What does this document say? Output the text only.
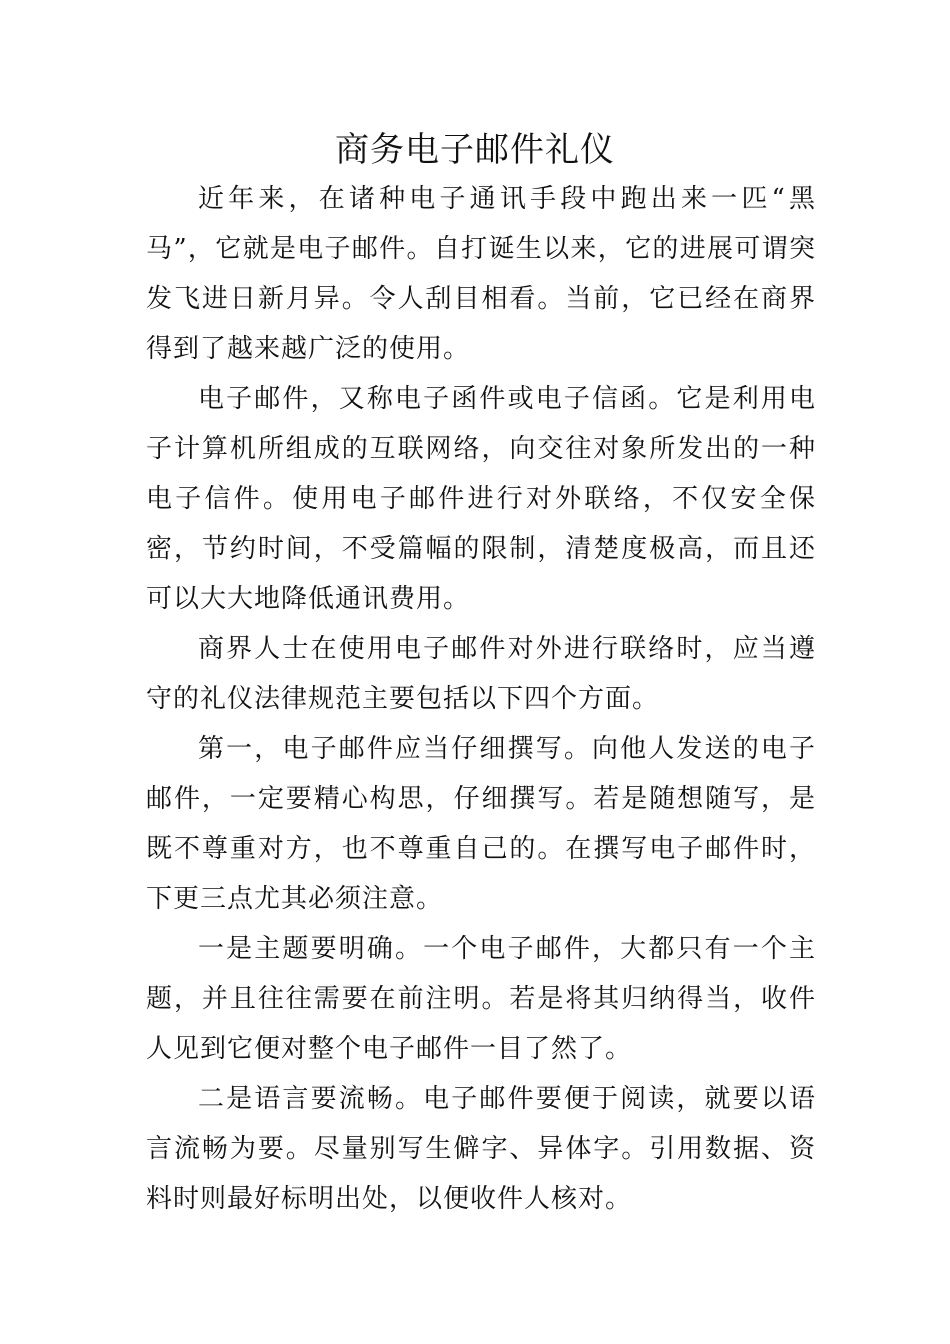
商务电子邮件礼仪

近年来，在诸种电子通讯手段中跑出来一匹“黑马”，它就是电子邮件。自打诞生以来，它的进展可谓突发飞进日新月异。令人刮目相看。当前，它已经在商界得到了越来越广泛的使用。

电子邮件，又称电子函件或电子信函。它是利用电子计算机所组成的互联网络，向交往对象所发出的一种电子信件。使用电子邮件进行对外联络，不仅安全保密，节约时间，不受篇幅的限制，清楚度极高，而且还可以大大地降低通讯费用。

商界人士在使用电子邮件对外进行联络时，应当遵守的礼仪法律规范主要包括以下四个方面。

第一，电子邮件应当仔细撰写。向他人发送的电子邮件，一定要精心构思，仔细撰写。若是随想随写，是既不尊重对方，也不尊重自己的。在撰写电子邮件时，下更三点尤其必须注意。

一是主题要明确。一个电子邮件，大都只有一个主题，并且往往需要在前注明。若是将其归纳得当，收件人见到它便对整个电子邮件一目了然了。

二是语言要流畅。电子邮件要便于阅读，就要以语言流畅为要。尽量别写生僻字、异体字。引用数据、资料时则最好标明出处，以便收件人核对。
